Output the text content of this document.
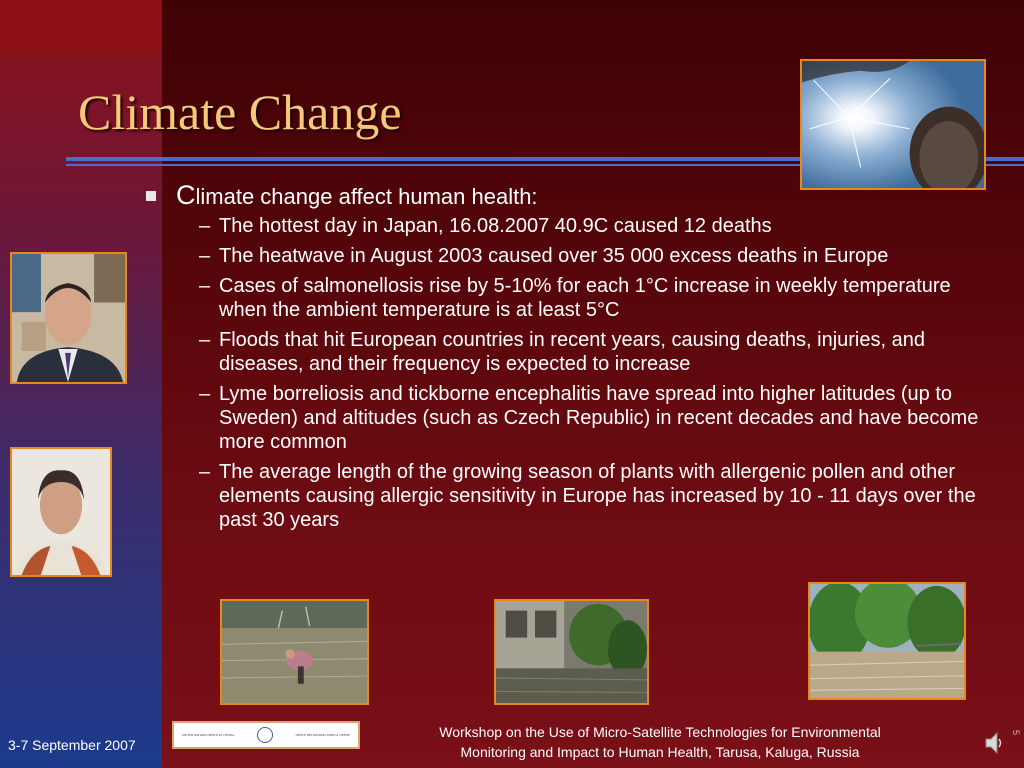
Climate Change
Climate change affect human health:
– The hottest day in Japan, 16.08.2007 40.9C caused 12 deaths
– The heatwave in August 2003 caused over 35 000 excess deaths in Europe
– Cases of salmonellosis rise by 5-10% for each 1°C increase in weekly temperature when the ambient temperature is at least 5°C
– Floods that hit European countries in recent years, causing deaths, injuries, and diseases, and their frequency is expected to increase
– Lyme borreliosis and tickborne encephalitis have spread into higher latitudes (up to Sweden) and altitudes (such as Czech Republic) in recent decades and have become more common
– The average length of the growing season of plants with allergenic pollen and other elements causing allergic sensitivity in Europe has increased by 10 - 11 days over the past 30 years
3-7 September 2007
UNITED NATIONS OFFICE AT VIENNA	OFFICE DES NATIONS UNIES A VIENNE	Workshop on the Use of Micro-Satellite Technologies for Environmental
Monitoring and Impact to Human Health, Tarusa, Kaluga, Russia
5
